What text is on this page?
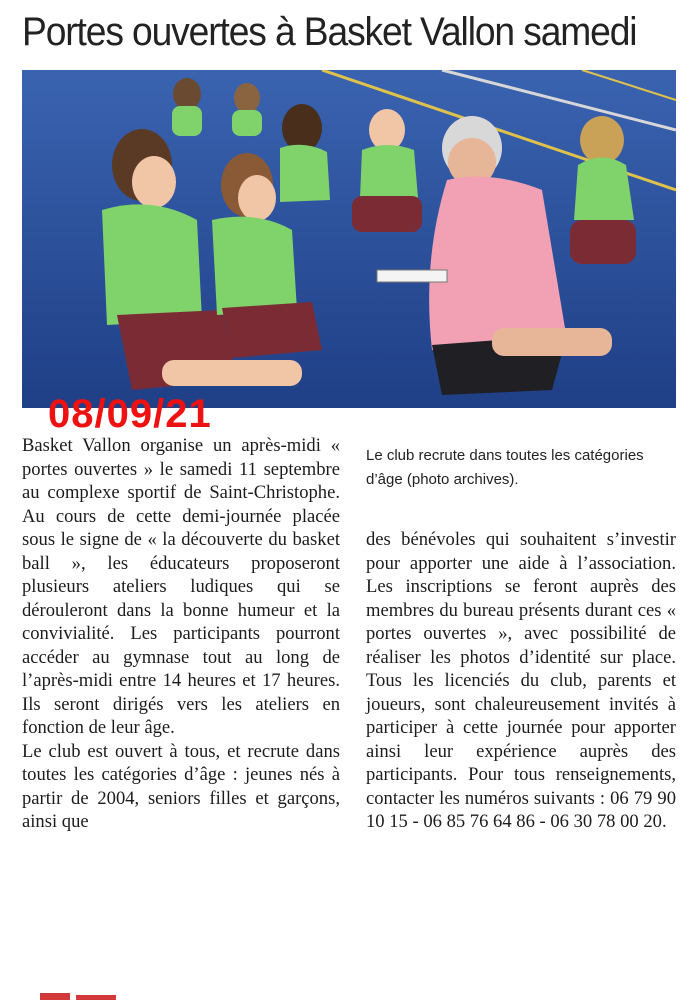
Portes ouvertes à Basket Vallon samedi
08/09/21

Basket Vallon organise un après-midi « portes ouvertes » le samedi 11 septembre au complexe sportif de Saint-Christophe. Au cours de cette demi-journée placée sous le signe de « la découverte du basket ball », les éducateurs proposeront plusieurs ateliers ludiques qui se dérouleront dans la bonne humeur et la convivialité. Les participants pourront accéder au gymnase tout au long de l’après-midi entre 14 heures et 17 heures. Ils seront dirigés vers les ateliers en fonction de leur âge.

Le club est ouvert à tous, et recrute dans toutes les catégories d’âge : jeunes nés à partir de 2004, seniors filles et garçons, ainsi que

Le club recrute dans toutes les catégories d’âge (photo archives).

des bénévoles qui souhaitent s’investir pour apporter une aide à l’association. Les inscriptions se feront auprès des membres du bureau présents durant ces « portes ouvertes », avec possibilité de réaliser les photos d’identité sur place. Tous les licenciés du club, parents et joueurs, sont chaleureusement invités à participer à cette journée pour apporter ainsi leur expérience auprès des participants. Pour tous renseignements, contacter les numéros suivants : 06 79 90 10 15 - 06 85 76 64 86 - 06 30 78 00 20.
